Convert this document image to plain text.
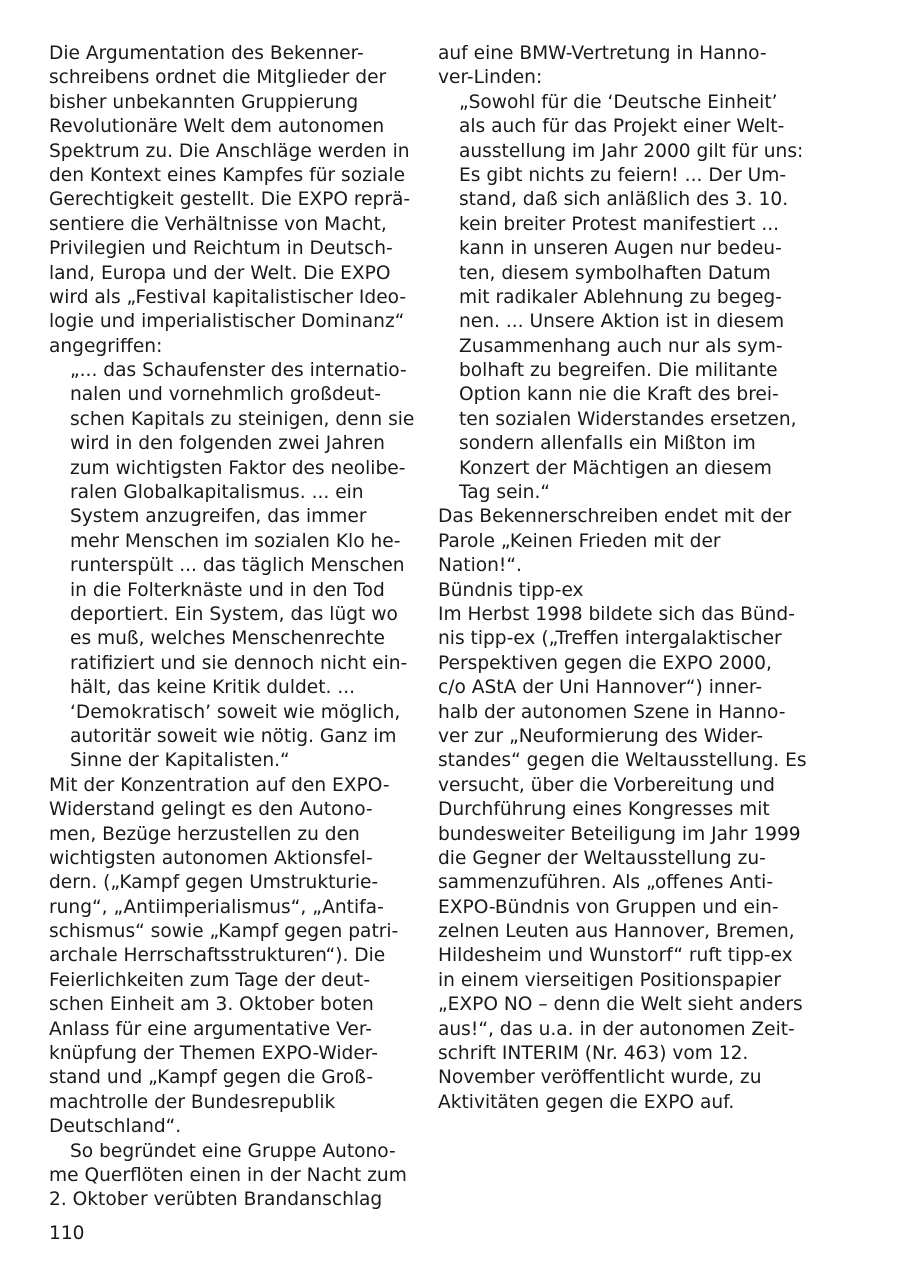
Die Argumentation des Bekenner-
schreibens ordnet die Mitglieder der
bisher unbekannten Gruppierung
Revolutionäre Welt dem autonomen
Spektrum zu. Die Anschläge werden in
den Kontext eines Kampfes für soziale
Gerechtigkeit gestellt. Die EXPO reprä-
sentiere die Verhältnisse von Macht,
Privilegien und Reichtum in Deutsch-
land, Europa und der Welt. Die EXPO
wird als „Festival kapitalistischer Ideo-
logie und imperialistischer Dominanz“
angegriffen:
„... das Schaufenster des internatio-
nalen und vornehmlich großdeut-
schen Kapitals zu steinigen, denn sie
wird in den folgenden zwei Jahren
zum wichtigsten Faktor des neolibe-
ralen Globalkapitalismus. ... ein
System anzugreifen, das immer
mehr Menschen im sozialen Klo he-
runterspült ... das täglich Menschen
in die Folterknäste und in den Tod
deportiert. Ein System, das lügt wo
es muß, welches Menschenrechte
ratifiziert und sie dennoch nicht ein-
hält, das keine Kritik duldet. ...
‘Demokratisch’ soweit wie möglich,
autoritär soweit wie nötig. Ganz im
Sinne der Kapitalisten.“
Mit der Konzentration auf den EXPO-
Widerstand gelingt es den Autono-
men, Bezüge herzustellen zu den
wichtigsten autonomen Aktionsfel-
dern. („Kampf gegen Umstrukturie-
rung“, „Antiimperialismus“, „Antifa-
schismus“ sowie „Kampf gegen patri-
archale Herrschaftsstrukturen“). Die
Feierlichkeiten zum Tage der deut-
schen Einheit am 3. Oktober boten
Anlass für eine argumentative Ver-
knüpfung der Themen EXPO-Wider-
stand und „Kampf gegen die Groß-
machtrolle der Bundesrepublik
Deutschland“.
So begründet eine Gruppe Autono-
me Querflöten einen in der Nacht zum
2. Oktober verübten Brandanschlag
auf eine BMW-Vertretung in Hanno-
ver-Linden:
„Sowohl für die ‘Deutsche Einheit’
als auch für das Projekt einer Welt-
ausstellung im Jahr 2000 gilt für uns:
Es gibt nichts zu feiern! ... Der Um-
stand, daß sich anläßlich des 3. 10.
kein breiter Protest manifestiert ...
kann in unseren Augen nur bedeu-
ten, diesem symbolhaften Datum
mit radikaler Ablehnung zu begeg-
nen. ... Unsere Aktion ist in diesem
Zusammenhang auch nur als sym-
bolhaft zu begreifen. Die militante
Option kann nie die Kraft des brei-
ten sozialen Widerstandes ersetzen,
sondern allenfalls ein Mißton im
Konzert der Mächtigen an diesem
Tag sein.“
Das Bekennerschreiben endet mit der
Parole „Keinen Frieden mit der
Nation!“.
Bündnis tipp-ex
Im Herbst 1998 bildete sich das Bünd-
nis tipp-ex („Treffen intergalaktischer
Perspektiven gegen die EXPO 2000,
c/o AStA der Uni Hannover“) inner-
halb der autonomen Szene in Hanno-
ver zur „Neuformierung des Wider-
standes“ gegen die Weltausstellung. Es
versucht, über die Vorbereitung und
Durchführung eines Kongresses mit
bundesweiter Beteiligung im Jahr 1999
die Gegner der Weltausstellung zu-
sammenzuführen. Als „offenes Anti-
EXPO-Bündnis von Gruppen und ein-
zelnen Leuten aus Hannover, Bremen,
Hildesheim und Wunstorf“ ruft tipp-ex
in einem vierseitigen Positionspapier
„EXPO NO – denn die Welt sieht anders
aus!“, das u.a. in der autonomen Zeit-
schrift INTERIM (Nr. 463) vom 12.
November veröffentlicht wurde, zu
Aktivitäten gegen die EXPO auf.
110
